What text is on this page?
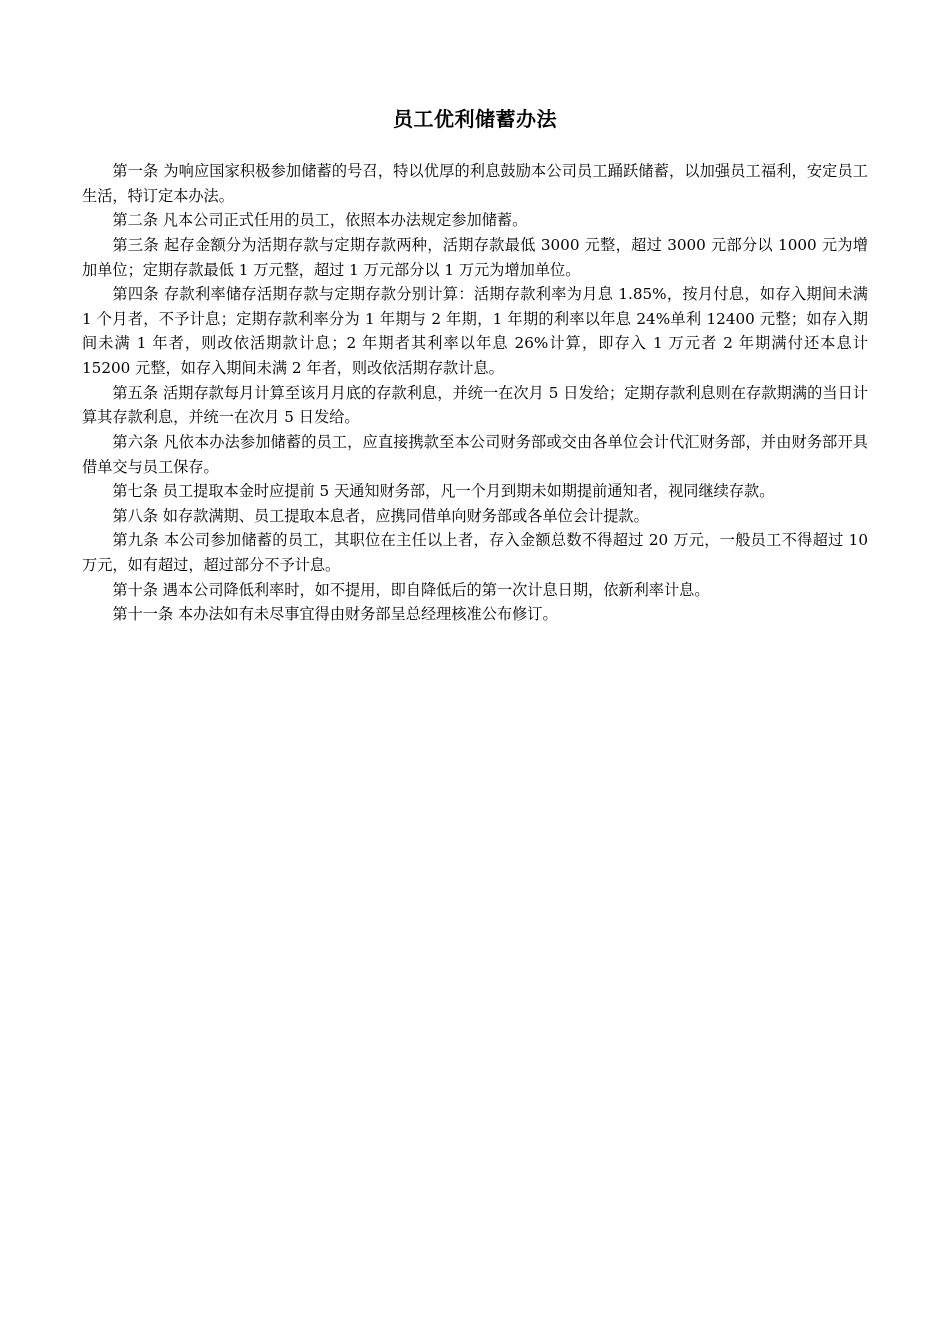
员工优利储蓄办法

第一条 为响应国家积极参加储蓄的号召，特以优厚的利息鼓励本公司员工踊跃储蓄，以加强员工福利，安定员工生活，特订定本办法。

第二条 凡本公司正式任用的员工，依照本办法规定参加储蓄。

第三条 起存金额分为活期存款与定期存款两种，活期存款最低 3000 元整，超过 3000 元部分以 1000 元为增加单位；定期存款最低 1 万元整，超过 1 万元部分以 1 万元为增加单位。

第四条 存款利率储存活期存款与定期存款分别计算：活期存款利率为月息 1.85%，按月付息，如存入期间未满 1 个月者，不予计息；定期存款利率分为 1 年期与 2 年期，1 年期的利率以年息 24%单利 12400 元整；如存入期间未满 1 年者，则改依活期款计息；2 年期者其利率以年息 26%计算，即存入 1 万元者 2 年期满付还本息计 15200 元整，如存入期间未满 2 年者，则改依活期存款计息。

第五条 活期存款每月计算至该月月底的存款利息，并统一在次月 5 日发给；定期存款利息则在存款期满的当日计算其存款利息，并统一在次月 5 日发给。

第六条 凡依本办法参加储蓄的员工，应直接携款至本公司财务部或交由各单位会计代汇财务部，并由财务部开具借单交与员工保存。

第七条 员工提取本金时应提前 5 天通知财务部，凡一个月到期未如期提前通知者，视同继续存款。

第八条 如存款满期、员工提取本息者，应携同借单向财务部或各单位会计提款。

第九条 本公司参加储蓄的员工，其职位在主任以上者，存入金额总数不得超过 20 万元，一般员工不得超过 10 万元，如有超过，超过部分不予计息。

第十条 遇本公司降低利率时，如不提用，即自降低后的第一次计息日期，依新利率计息。

第十一条 本办法如有未尽事宜得由财务部呈总经理核准公布修订。
